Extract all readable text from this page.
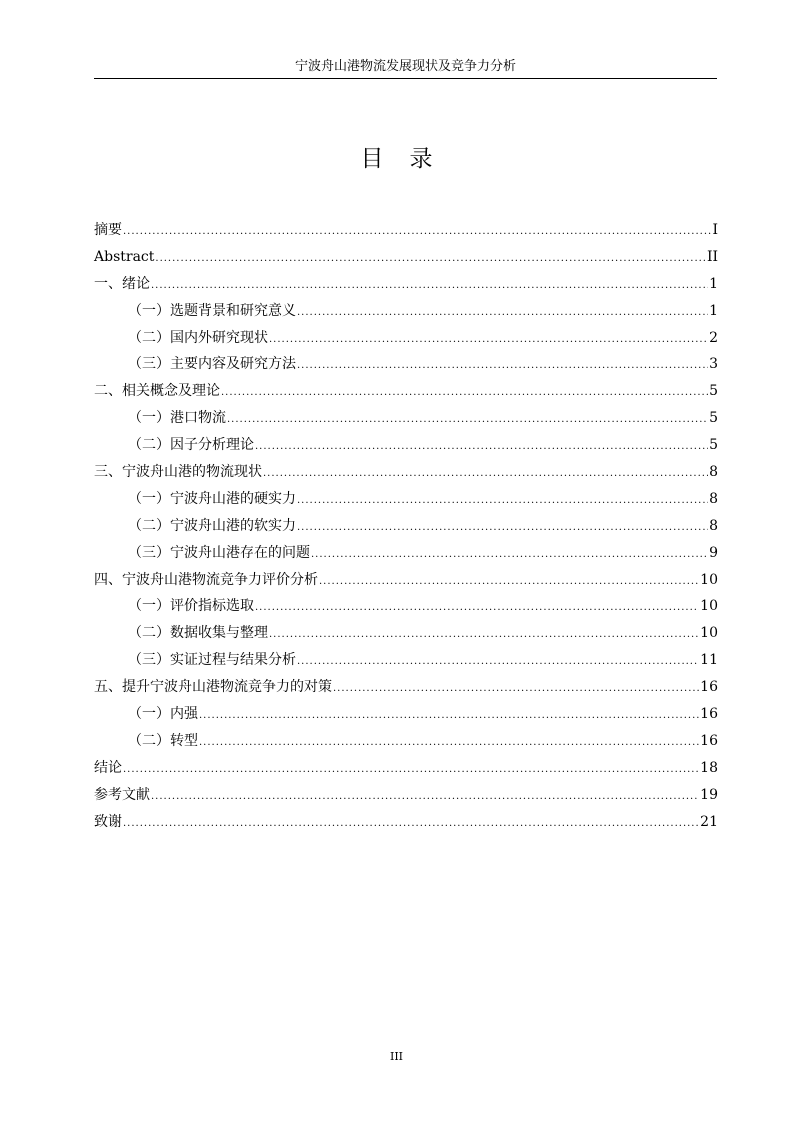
宁波舟山港物流发展现状及竞争力分析
目录
摘要 .....	I
Abstract .....	II
一、绪论 .....	1
（一）选题背景和研究意义 .....	1
（二）国内外研究现状 .....	2
（三）主要内容及研究方法 .....	3
二、相关概念及理论 .....	5
（一）港口物流 .....	5
（二）因子分析理论 .....	5
三、宁波舟山港的物流现状 .....	8
（一）宁波舟山港的硬实力 .....	8
（二）宁波舟山港的软实力 .....	8
（三）宁波舟山港存在的问题 .....	9
四、宁波舟山港物流竞争力评价分析 .....	10
（一）评价指标选取 .....	10
（二）数据收集与整理 .....	10
（三）实证过程与结果分析 .....	11
五、提升宁波舟山港物流竞争力的对策 .....	16
（一）内强 .....	16
（二）转型 .....	16
结论 .....	18
参考文献 .....	19
致谢 .....	21
III
